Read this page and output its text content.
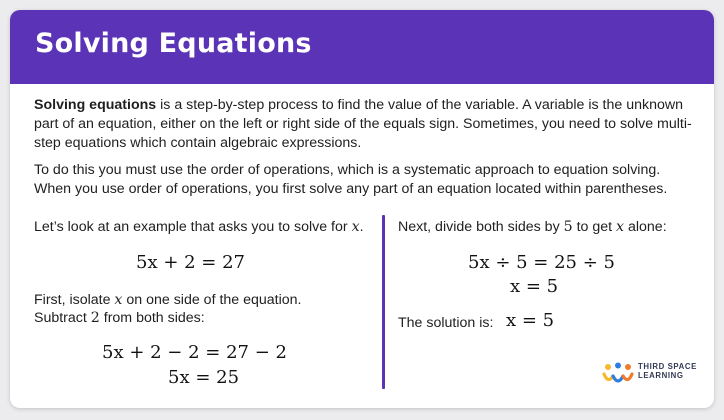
Solving Equations
Solving equations is a step-by-step process to find the value of the variable. A variable is the unknown part of an equation, either on the left or right side of the equals sign. Sometimes, you need to solve multi-step equations which contain algebraic expressions.
To do this you must use the order of operations, which is a systematic approach to equation solving. When you use order of operations, you first solve any part of an equation located within parentheses.
Let’s look at an example that asks you to solve for x.
5x + 2 = 27
First, isolate x on one side of the equation.
Subtract 2 from both sides:
5x + 2 − 2 = 27 − 2
5x = 25
Next, divide both sides by 5 to get x alone:
5x ÷ 5 = 25 ÷ 5
x = 5
The solution is: x = 5
THIRD SPACE
LEARNING
